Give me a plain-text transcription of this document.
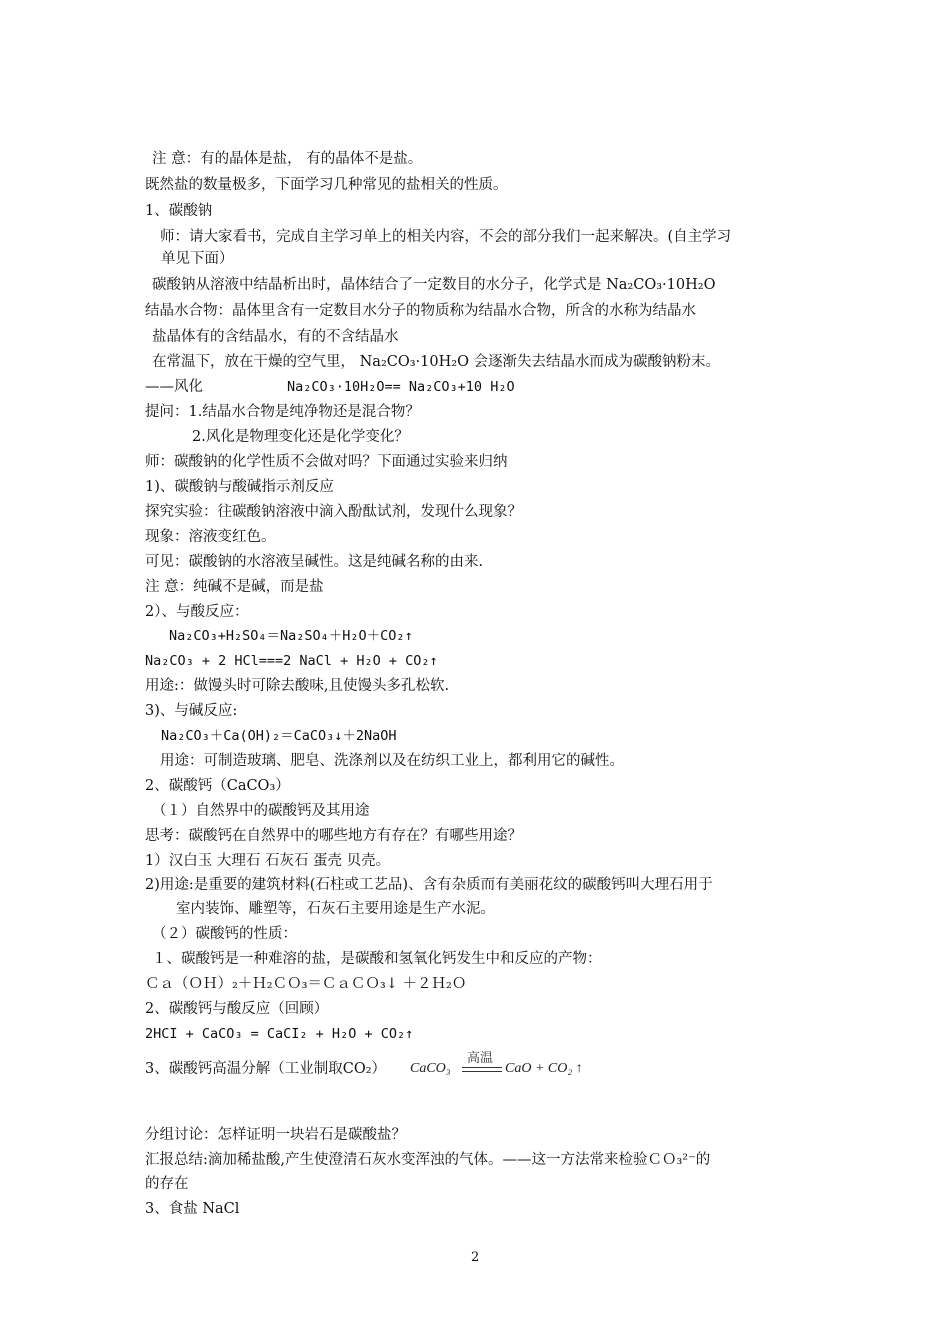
注 意：有的晶体是盐， 有的晶体不是盐。
既然盐的数量极多，下面学习几种常见的盐相关的性质。
1、碳酸钠
师：请大家看书，完成自主学习单上的相关内容，不会的部分我们一起来解决。(自主学习
单见下面）
碳酸钠从溶液中结晶析出时，晶体结合了一定数目的水分子，化学式是 Na₂CO₃·10H₂O
结晶水合物：晶体里含有一定数目水分子的物质称为结晶水合物，所含的水称为结晶水
盐晶体有的含结晶水，有的不含结晶水
在常温下，放在干燥的空气里， Na₂CO₃·10H₂O 会逐渐失去结晶水而成为碳酸钠粉末。
——风化	Na₂CO₃·10H₂O== Na₂CO₃+10 H₂O
提问：1.结晶水合物是纯净物还是混合物？
2.风化是物理变化还是化学变化？
师：碳酸钠的化学性质不会做对吗？下面通过实验来归纳
1)、碳酸钠与酸碱指示剂反应
探究实验：往碳酸钠溶液中滴入酚酞试剂，发现什么现象？
现象：溶液变红色。
可见：碳酸钠的水溶液呈碱性。这是纯碱名称的由来.
注 意：纯碱不是碱，而是盐
2）、与酸反应：
Na₂CO₃+H₂SO₄＝Na₂SO₄＋H₂O＋CO₂↑
Na₂CO₃ + 2 HCl===2 NaCl + H₂O + CO₂↑
用途:：做馒头时可除去酸味,且使馒头多孔松软.
3)、与碱反应:
Na₂CO₃＋Ca(OH)₂＝CaCO₃↓＋2NaOH
用途：可制造玻璃、肥皂、洗涤剂以及在纺织工业上，都利用它的碱性。
2、碳酸钙（CaCO₃）
（１）自然界中的碳酸钙及其用途
思考：碳酸钙在自然界中的哪些地方有存在？有哪些用途？
1）汉白玉 大理石 石灰石 蛋壳 贝壳。
2)用途:是重要的建筑材料(石柱或工艺品)、含有杂质而有美丽花纹的碳酸钙叫大理石用于
室内装饰、雕塑等，石灰石主要用途是生产水泥。
（２）碳酸钙的性质：
１、碳酸钙是一种难溶的盐，是碳酸和氢氧化钙发生中和反应的产物：
Ｃａ（ＯＨ）₂＋Ｈ₂ＣＯ₃＝ＣａＣＯ₃↓ ＋２Ｈ₂Ｏ
2、碳酸钙与酸反应（回顾）
2HCI + CaCO₃ = CaCI₂ + H₂O + CO₂↑
3、碳酸钙高温分解（工业制取CO₂） CaCO₃
高温
CaO + CO₂ ↑
分组讨论：怎样证明一块岩石是碳酸盐？
汇报总结:滴加稀盐酸,产生使澄清石灰水变浑浊的气体。——这一方法常来检验ＣＯ₃²⁻的
的存在
3、食盐 NaCl
2
